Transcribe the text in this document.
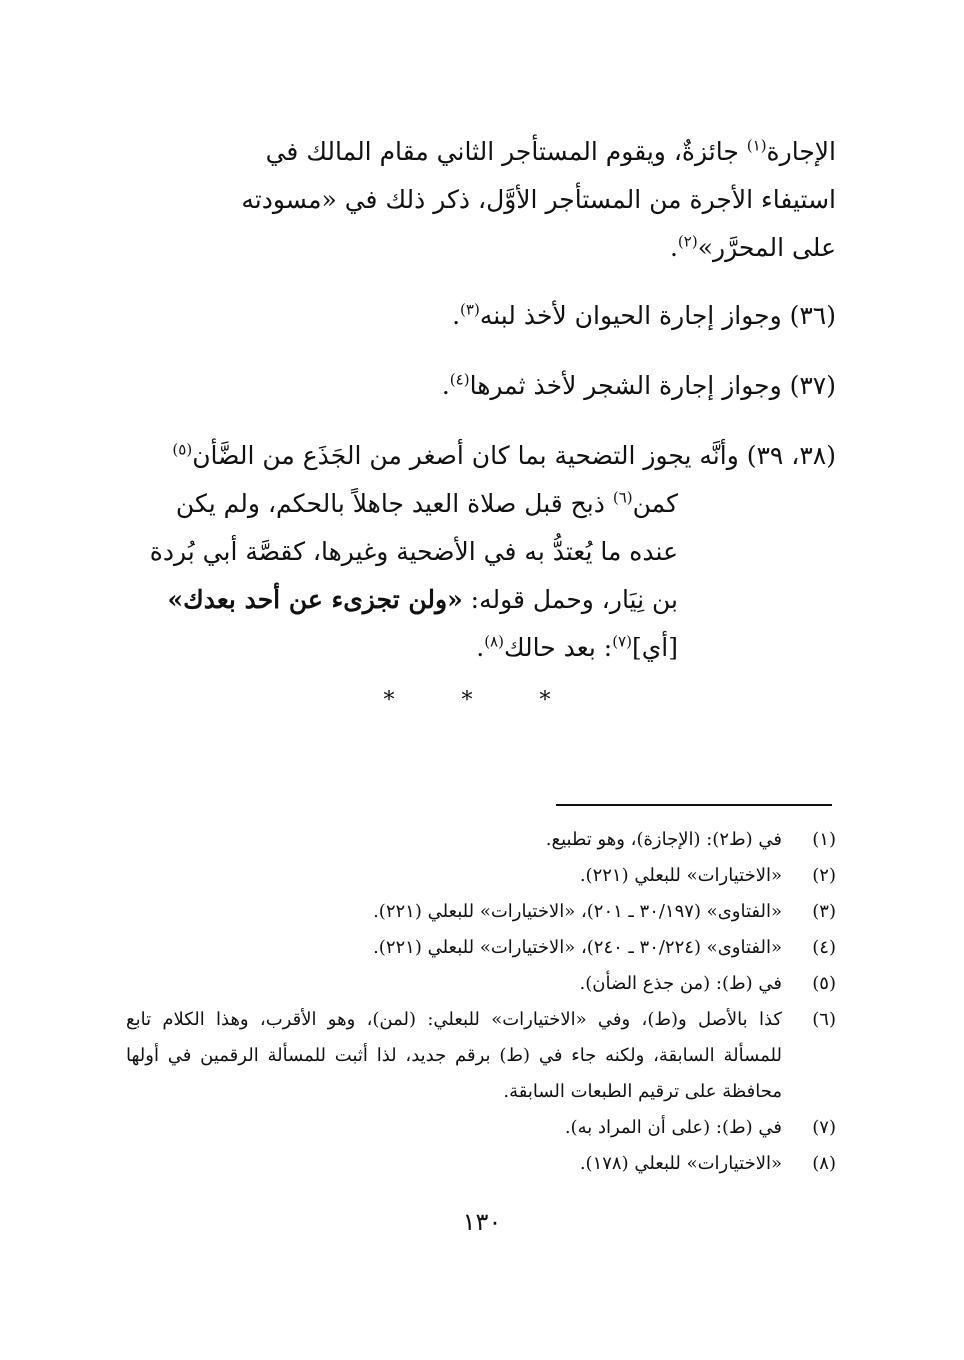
الإجارة$^{(١)}$ جائزةٌ، ويقوم المستأجر الثاني مقام المالك في
استيفاء الأجرة من المستأجر الأوَّل، ذكر ذلك في «مسودته
على المحرَّر»$^{(٢)}$.
(٣٦) وجواز إجارة الحيوان لأخذ لبنه$^{(٣)}$.
(٣٧) وجواز إجارة الشجر لأخذ ثمرها$^{(٤)}$.
(٣٨، ٣٩) وأنَّه يجوز التضحية بما كان أصغر من الجَذَع من الضَّأن$^{(٥)}$
كمن$^{(٦)}$ ذبح قبل صلاة العيد جاهلاً بالحكم، ولم يكن
عنده ما يُعتدُّ به في الأضحية وغيرها، كقصَّة أبي بُردة
بن نِيَار، وحمل قوله: «ولن تجزىء عن أحد بعدك»
[أي]$^{(٧)}$: بعد حالك$^{(٨)}$.
* * *
(١)
في (ط٢): (الإجازة)، وهو تطبيع.
(٢)
«الاختيارات» للبعلي (٢٢١).
(٣)
«الفتاوى» (٣٠/١٩٧ ـ ٢٠١)، «الاختيارات» للبعلي (٢٢١).
(٤)
«الفتاوى» (٣٠/٢٢٤ ـ ٢٤٠)، «الاختيارات» للبعلي (٢٢١).
(٥)
في (ط): (من جذع الضأن).
(٦)
كذا بالأصل و(ط)، وفي «الاختيارات» للبعلي: (لمن)، وهو الأقرب، وهذا الكلام تابع للمسألة السابقة، ولكنه جاء في (ط) برقم جديد، لذا أثبت للمسألة الرقمين في أولها محافظة على ترقيم الطبعات السابقة.
(٧)
في (ط): (على أن المراد به).
(٨)
«الاختيارات» للبعلي (١٧٨).
١٣٠
